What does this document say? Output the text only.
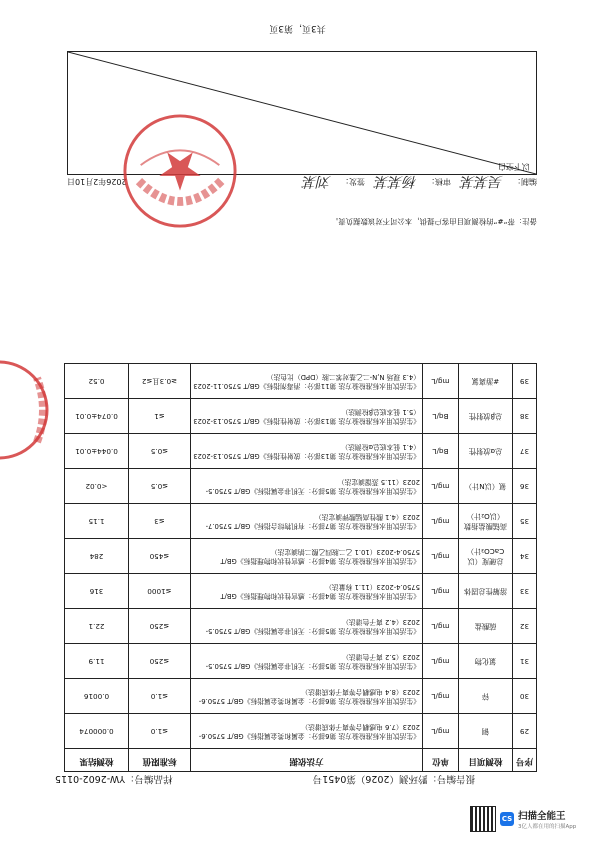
报告编号：黔环测（2026）第0451号
样品编号：YW-2602-0115
序号	检测项目	单位	方法依据	标准限值	检测结果
29	铜	mg/L	《生活饮用水标准检验方法 第6部分：金属和类金属指标》GB/T 5750.6-2023（7.6 电感耦合等离子体质谱法）	≤1.0	0.000074
30	锌	mg/L	《生活饮用水标准检验方法 第6部分：金属和类金属指标》GB/T 5750.6-2023（8.4 电感耦合等离子体质谱法）	≤1.0	0.0016
31	氯化物	mg/L	《生活饮用水标准检验方法 第5部分：无机非金属指标》GB/T 5750.5-2023（5.2 离子色谱法）	≤250	11.9
32	硫酸盐	mg/L	《生活饮用水标准检验方法 第5部分：无机非金属指标》GB/T 5750.5-2023（4.2 离子色谱法）	≤250	22.1
33	溶解性总固体	mg/L	《生活饮用水标准检验方法 第4部分：感官性状和物理指标》GB/T 5750.4-2023（11.1 称量法）	≤1000	316
34	总硬度（以CaCO₃计）	mg/L	《生活饮用水标准检验方法 第4部分：感官性状和物理指标》GB/T 5750.4-2023（10.1 乙二胺四乙酸二钠滴定法）	≤450	284
35	高锰酸盐指数（以O₂计）	mg/L	《生活饮用水标准检验方法 第7部分：有机物综合指标》GB/T 5750.7-2023（4.1 酸性高锰酸钾滴定法）	≤3	1.15
36	氨（以N计）	mg/L	《生活饮用水标准检验方法 第5部分：无机非金属指标》GB/T 5750.5-2023（11.5 蒸馏滴定法）	≤0.5	<0.02
37	总α放射性	Bq/L	《生活饮用水标准检验方法 第13部分：放射性指标》GB/T 5750.13-2023（4.1 低本底总α检测法）	≤0.5	0.044±0.01
38	总β放射性	Bq/L	《生活饮用水标准检验方法 第13部分：放射性指标》GB/T 5750.13-2023（5.1 低本底总β检测法）	≤1	0.074±0.01
39	#游离氯	mg/L	《生活饮用水标准检验方法 第11部分：消毒剂指标》GB/T 5750.11-2023（4.3 现场 N,N-二乙基对苯二胺（DPD）比色法）	≥0.3且≤2	0.52
备注：带“#”的检测项目由客户提供，本公司不对该数据负责。
编制：
吴某某
审核：
杨某某
签发：
刘某
2026年2月10日
以下空白
共3页，第3页
CS 扫描全能王
3亿人都在用的扫描App
